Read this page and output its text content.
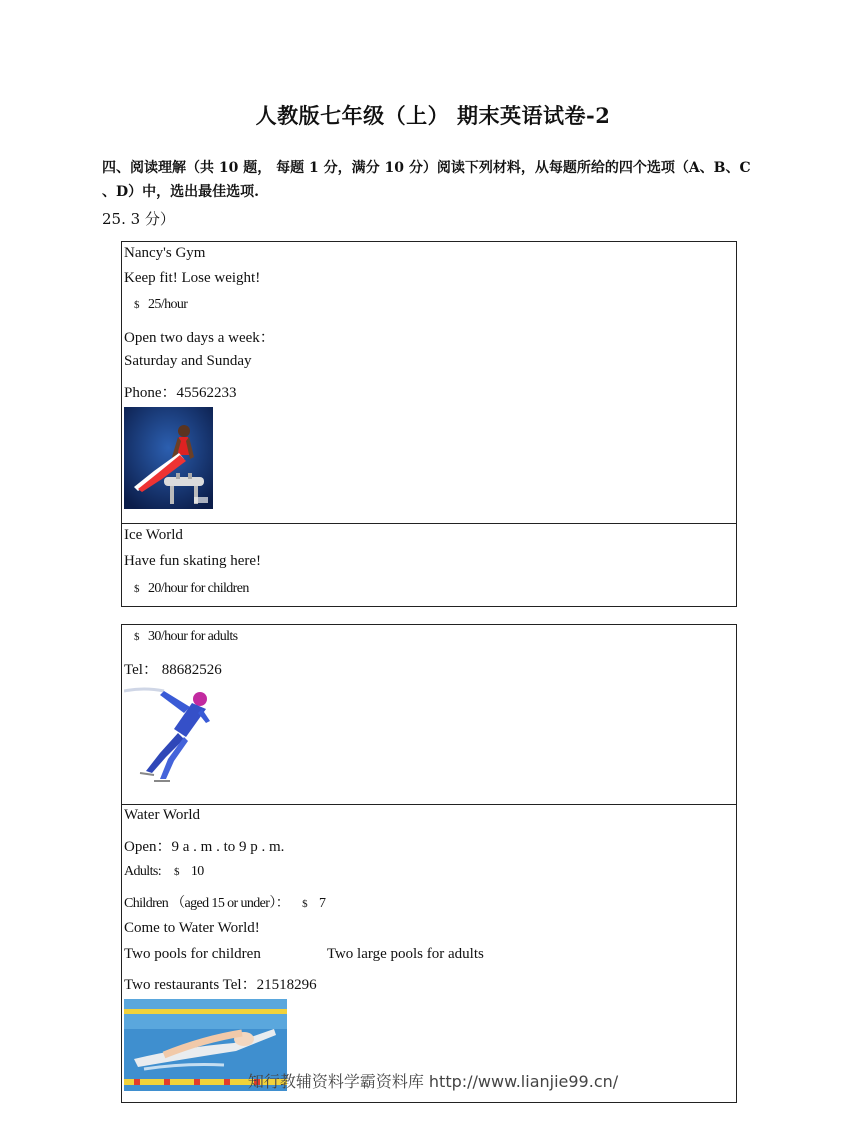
人教版七年级（上） 期末英语试卷-2
四、阅读理解（共 10 题， 每题 1 分，满分 10 分）阅读下列材料，从每题所给的四个选项（A、B、C 、D）中，选出最佳选项.
25. 3 分）
Nancy's Gym
Keep fit! Lose weight!
$ 25/hour
Open two days a week：
Saturday and Sunday
Phone：45562233
Ice World
Have fun skating here!
$ 20/hour for children
$ 30/hour for adults
Tel： 88682526
Water World
Open：9 a . m . to 9 p . m.
Adults: $ 10
Children （aged 15 or under）： $ 7
Come to Water World!
Two pools for children	Two large pools for adults
Two restaurants Tel：21518296
知行教辅资料学霸资料库 http://www.lianjie99.cn/
